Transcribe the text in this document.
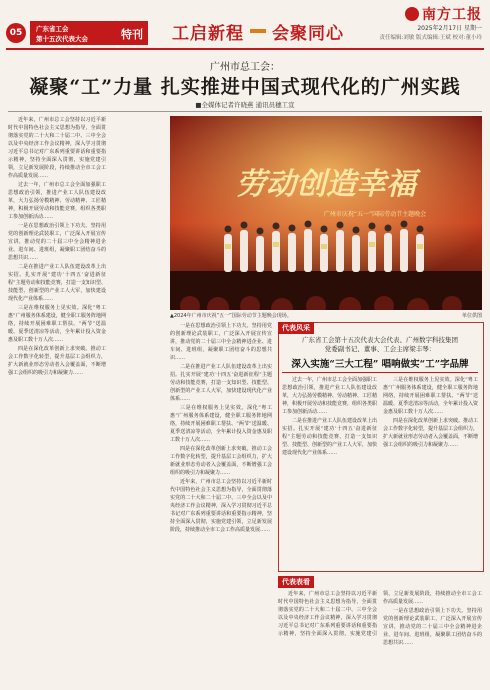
05	广东省工会
第十五次代表大会	特刊 工启新程 会聚同心
南方工报
2025年2月17日 星期一
责任编辑:刘敏 版式编辑:王斌 校对:董小玲
广州市总工会：
凝聚“工”力量 扎实推进中国式现代化的广州实践
■全媒体记者许晓燕 通讯员穗工宣

近年来，广州市总工会坚持以习近平新时代中国特色社会主义思想为指导，全面贯彻落实党的二十大和二十届二中、三中全会以及中央经济工作会议精神，深入学习贯彻习近平总书记对广东系列重要讲话和重要指示精神，坚持全面深入贯彻，实施党建引领，立足新发展阶段，持续推动全市工会工作高质量发展……

过去一年，广州市总工会全面加强职工思想政治引领，推进产业工人队伍建设改革，大力弘扬劳模精神、劳动精神、工匠精神，积极开展劳动和技能竞赛，组织各类职工参加创新活动……

一是在思想政治引领上下功夫。坚持用党的创新理论武装职工，广泛深入开展宣传宣讲，推动党的二十届三中全会精神进企业、进车间、进班组，凝聚职工团结奋斗的思想共识……

二是在推进产业工人队伍建设改革上出实招。扎实开展“建功‘十四五’奋进新征程”主题劳动和技能竞赛，打造一支知识型、技能型、创新型的产业工人大军，加快建设现代化产业体系……

三是在维权服务上见实效。深化“粤工惠”广州服务体系建设，健全职工服务阵地网络，持续开展困难职工帮扶、“两节”送温暖、夏季送清凉等活动，全年累计投入资金惠及职工数十万人次……

四是在深化改革创新上求突破。推动工会工作数字化转型，提升基层工会组织力，扩大新就业形态劳动者入会覆盖面，不断增强工会组织的吸引力和凝聚力……

劳动创造幸福
广州市庆祝“五一”国际劳动节主题晚会
▲2024年广州市庆祝“五一”国际劳动节主题晚会现场。	单位供图
代表风采
广东省工会第十五次代表大会代表、广州数字科技集团
党委副书记、董事、工会主席梁丰琴：
深入实施“三大工程” 唱响做实“工”字品牌

过去一年，广州市总工会全面加强职工思想政治引领，推进产业工人队伍建设改革，大力弘扬劳模精神、劳动精神、工匠精神，积极开展劳动和技能竞赛，组织各类职工参加创新活动……

二是在推进产业工人队伍建设改革上出实招。扎实开展“建功‘十四五’奋进新征程”主题劳动和技能竞赛，打造一支知识型、技能型、创新型的产业工人大军，加快建设现代化产业体系……

三是在维权服务上见实效。深化“粤工惠”广州服务体系建设，健全职工服务阵地网络，持续开展困难职工帮扶、“两节”送温暖、夏季送清凉等活动，全年累计投入资金惠及职工数十万人次……

四是在深化改革创新上求突破。推动工会工作数字化转型，提升基层工会组织力，扩大新就业形态劳动者入会覆盖面，不断增强工会组织的吸引力和凝聚力……

一是在思想政治引领上下功夫。坚持用党的创新理论武装职工，广泛深入开展宣传宣讲，推动党的二十届三中全会精神进企业、进车间、进班组，凝聚职工团结奋斗的思想共识……

二是在推进产业工人队伍建设改革上出实招。扎实开展“建功‘十四五’奋进新征程”主题劳动和技能竞赛，打造一支知识型、技能型、创新型的产业工人大军，加快建设现代化产业体系……

三是在维权服务上见实效。深化“粤工惠”广州服务体系建设，健全职工服务阵地网络，持续开展困难职工帮扶、“两节”送温暖、夏季送清凉等活动，全年累计投入资金惠及职工数十万人次……

四是在深化改革创新上求突破。推动工会工作数字化转型，提升基层工会组织力，扩大新就业形态劳动者入会覆盖面，不断增强工会组织的吸引力和凝聚力……

近年来，广州市总工会坚持以习近平新时代中国特色社会主义思想为指导，全面贯彻落实党的二十大和二十届二中、三中全会以及中央经济工作会议精神，深入学习贯彻习近平总书记对广东系列重要讲话和重要指示精神，坚持全面深入贯彻，实施党建引领，立足新发展阶段，持续推动全市工会工作高质量发展……

代表表看

近年来，广州市总工会坚持以习近平新时代中国特色社会主义思想为指导，全面贯彻落实党的二十大和二十届二中、三中全会以及中央经济工作会议精神，深入学习贯彻习近平总书记对广东系列重要讲话和重要指示精神，坚持全面深入贯彻，实施党建引领，立足新发展阶段，持续推动全市工会工作高质量发展……

一是在思想政治引领上下功夫。坚持用党的创新理论武装职工，广泛深入开展宣传宣讲，推动党的二十届三中全会精神进企业、进车间、进班组，凝聚职工团结奋斗的思想共识……
